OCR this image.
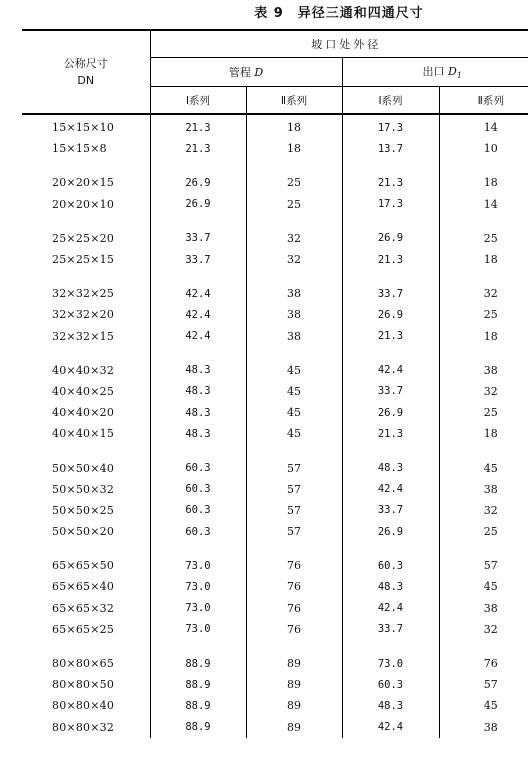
表 9 异径三通和四通尺寸
公称尺寸
DN	坡口处外径			
	管程 D		出口 $D_1$
	Ⅰ系列	Ⅱ系列	Ⅰ系列	Ⅱ系列
15×15×10	21.3	18	17.3	14
15×15×8	21.3	18	13.7	10

20×20×15	26.9	25	21.3	18
20×20×10	26.9	25	17.3	14

25×25×20	33.7	32	26.9	25
25×25×15	33.7	32	21.3	18

32×32×25	42.4	38	33.7	32
32×32×20	42.4	38	26.9	25
32×32×15	42.4	38	21.3	18

40×40×32	48.3	45	42.4	38
40×40×25	48.3	45	33.7	32
40×40×20	48.3	45	26.9	25
40×40×15	48.3	45	21.3	18

50×50×40	60.3	57	48.3	45
50×50×32	60.3	57	42.4	38
50×50×25	60.3	57	33.7	32
50×50×20	60.3	57	26.9	25

65×65×50	73.0	76	60.3	57
65×65×40	73.0	76	48.3	45
65×65×32	73.0	76	42.4	38
65×65×25	73.0	76	33.7	32

80×80×65	88.9	89	73.0	76
80×80×50	88.9	89	60.3	57
80×80×40	88.9	89	48.3	45
80×80×32	88.9	89	42.4	38
